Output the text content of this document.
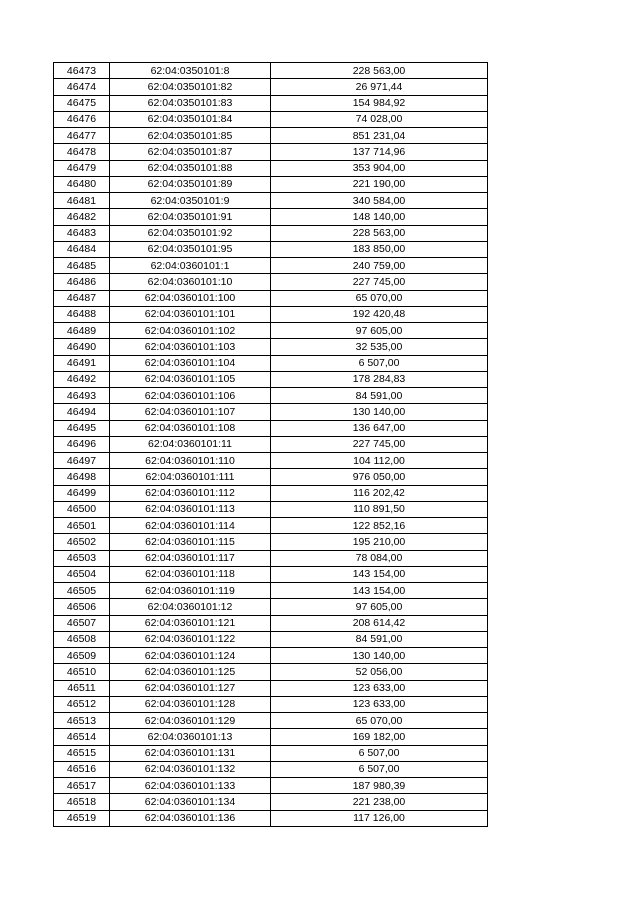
46473	62:04:0350101:8	228 563,00
46474	62:04:0350101:82	26 971,44
46475	62:04:0350101:83	154 984,92
46476	62:04:0350101:84	74 028,00
46477	62:04:0350101:85	851 231,04
46478	62:04:0350101:87	137 714,96
46479	62:04:0350101:88	353 904,00
46480	62:04:0350101:89	221 190,00
46481	62:04:0350101:9	340 584,00
46482	62:04:0350101:91	148 140,00
46483	62:04:0350101:92	228 563,00
46484	62:04:0350101:95	183 850,00
46485	62:04:0360101:1	240 759,00
46486	62:04:0360101:10	227 745,00
46487	62:04:0360101:100	65 070,00
46488	62:04:0360101:101	192 420,48
46489	62:04:0360101:102	97 605,00
46490	62:04:0360101:103	32 535,00
46491	62:04:0360101:104	6 507,00
46492	62:04:0360101:105	178 284,83
46493	62:04:0360101:106	84 591,00
46494	62:04:0360101:107	130 140,00
46495	62:04:0360101:108	136 647,00
46496	62:04:0360101:11	227 745,00
46497	62:04:0360101:110	104 112,00
46498	62:04:0360101:111	976 050,00
46499	62:04:0360101:112	116 202,42
46500	62:04:0360101:113	110 891,50
46501	62:04:0360101:114	122 852,16
46502	62:04:0360101:115	195 210,00
46503	62:04:0360101:117	78 084,00
46504	62:04:0360101:118	143 154,00
46505	62:04:0360101:119	143 154,00
46506	62:04:0360101:12	97 605,00
46507	62:04:0360101:121	208 614,42
46508	62:04:0360101:122	84 591,00
46509	62:04:0360101:124	130 140,00
46510	62:04:0360101:125	52 056,00
46511	62:04:0360101:127	123 633,00
46512	62:04:0360101:128	123 633,00
46513	62:04:0360101:129	65 070,00
46514	62:04:0360101:13	169 182,00
46515	62:04:0360101:131	6 507,00
46516	62:04:0360101:132	6 507,00
46517	62:04:0360101:133	187 980,39
46518	62:04:0360101:134	221 238,00
46519	62:04:0360101:136	117 126,00
